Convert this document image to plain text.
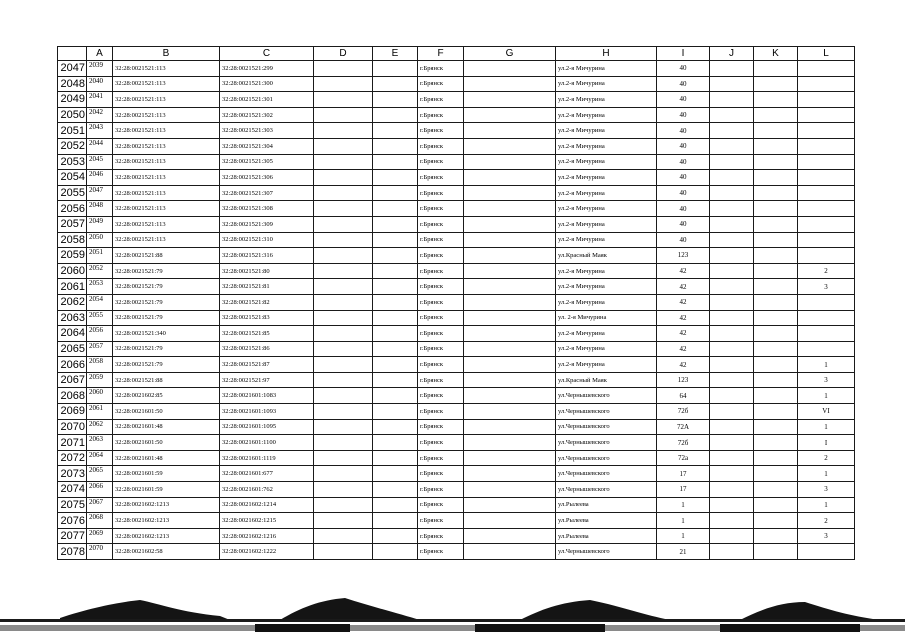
	A	B	C	D	E	F	G	H	I	J	K	L
2047	2039	32:28:0021521:113	32:28:0021521:299			г.Брянск		ул.2-я Мичурина	40			
2048	2040	32:28:0021521:113	32:28:0021521:300			г.Брянск		ул.2-я Мичурина	40			
2049	2041	32:28:0021521:113	32:28:0021521:301			г.Брянск		ул.2-я Мичурина	40			
2050	2042	32:28:0021521:113	32:28:0021521:302			г.Брянск		ул.2-я Мичурина	40			
2051	2043	32:28:0021521:113	32:28:0021521:303			г.Брянск		ул.2-я Мичурина	40			
2052	2044	32:28:0021521:113	32:28:0021521:304			г.Брянск		ул.2-я Мичурина	40			
2053	2045	32:28:0021521:113	32:28:0021521:305			г.Брянск		ул.2-я Мичурина	40			
2054	2046	32:28:0021521:113	32:28:0021521:306			г.Брянск		ул.2-я Мичурина	40			
2055	2047	32:28:0021521:113	32:28:0021521:307			г.Брянск		ул.2-я Мичурина	40			
2056	2048	32:28:0021521:113	32:28:0021521:308			г.Брянск		ул.2-я Мичурина	40			
2057	2049	32:28:0021521:113	32:28:0021521:309			г.Брянск		ул.2-я Мичурина	40			
2058	2050	32:28:0021521:113	32:28:0021521:310			г.Брянск		ул.2-я Мичурина	40			
2059	2051	32:28:0021521:88	32:28:0021521:316			г.Брянск		ул.Красный Маяк	123			
2060	2052	32:28:0021521:79	32:28:0021521:80			г.Брянск		ул.2-я Мичурина	42			2
2061	2053	32:28:0021521:79	32:28:0021521:81			г.Брянск		ул.2-я Мичурина	42			3
2062	2054	32:28:0021521:79	32:28:0021521:82			г.Брянск		ул.2-я Мичурина	42			
2063	2055	32:28:0021521:79	32:28:0021521:83			г.Брянск		ул. 2-я Мичурина	42			
2064	2056	32:28:0021521:340	32:28:0021521:85			г.Брянск		ул.2-я Мичурина	42			
2065	2057	32:28:0021521:79	32:28:0021521:86			г.Брянск		ул.2-я Мичурина	42			
2066	2058	32:28:0021521:79	32:28:0021521:87			г.Брянск		ул.2-я Мичурина	42			1
2067	2059	32:28:0021521:88	32:28:0021521:97			г.Брянск		ул.Красный Маяк	123			3
2068	2060	32:28:0021602:85	32:28:0021601:1083			г.Брянск		ул.Чернышевского	64			1
2069	2061	32:28:0021601:50	32:28:0021601:1093			г.Брянск		ул.Чернышевского	72б			VI
2070	2062	32:28:0021601:48	32:28:0021601:1095			г.Брянск		ул.Чернышевского	72А			1
2071	2063	32:28:0021601:50	32:28:0021601:1100			г.Брянск		ул.Чернышевского	72б			I
2072	2064	32:28:0021601:48	32:28:0021601:1119			г.Брянск		ул.Чернышевского	72а			2
2073	2065	32:28:0021601:59	32:28:0021601:677			г.Брянск		ул.Чернышевского	17			1
2074	2066	32:28:0021601:59	32:28:0021601:762			г.Брянск		ул.Чернышевского	17			3
2075	2067	32:28:0021602:1213	32:28:0021602:1214			г.Брянск		ул.Рылеева	1			1
2076	2068	32:28:0021602:1213	32:28:0021602:1215			г.Брянск		ул.Рылеева	1			2
2077	2069	32:28:0021602:1213	32:28:0021602:1216			г.Брянск		ул.Рылеева	1			3
2078	2070	32:28:0021602:58	32:28:0021602:1222			г.Брянск		ул.Чернышевского	21			
